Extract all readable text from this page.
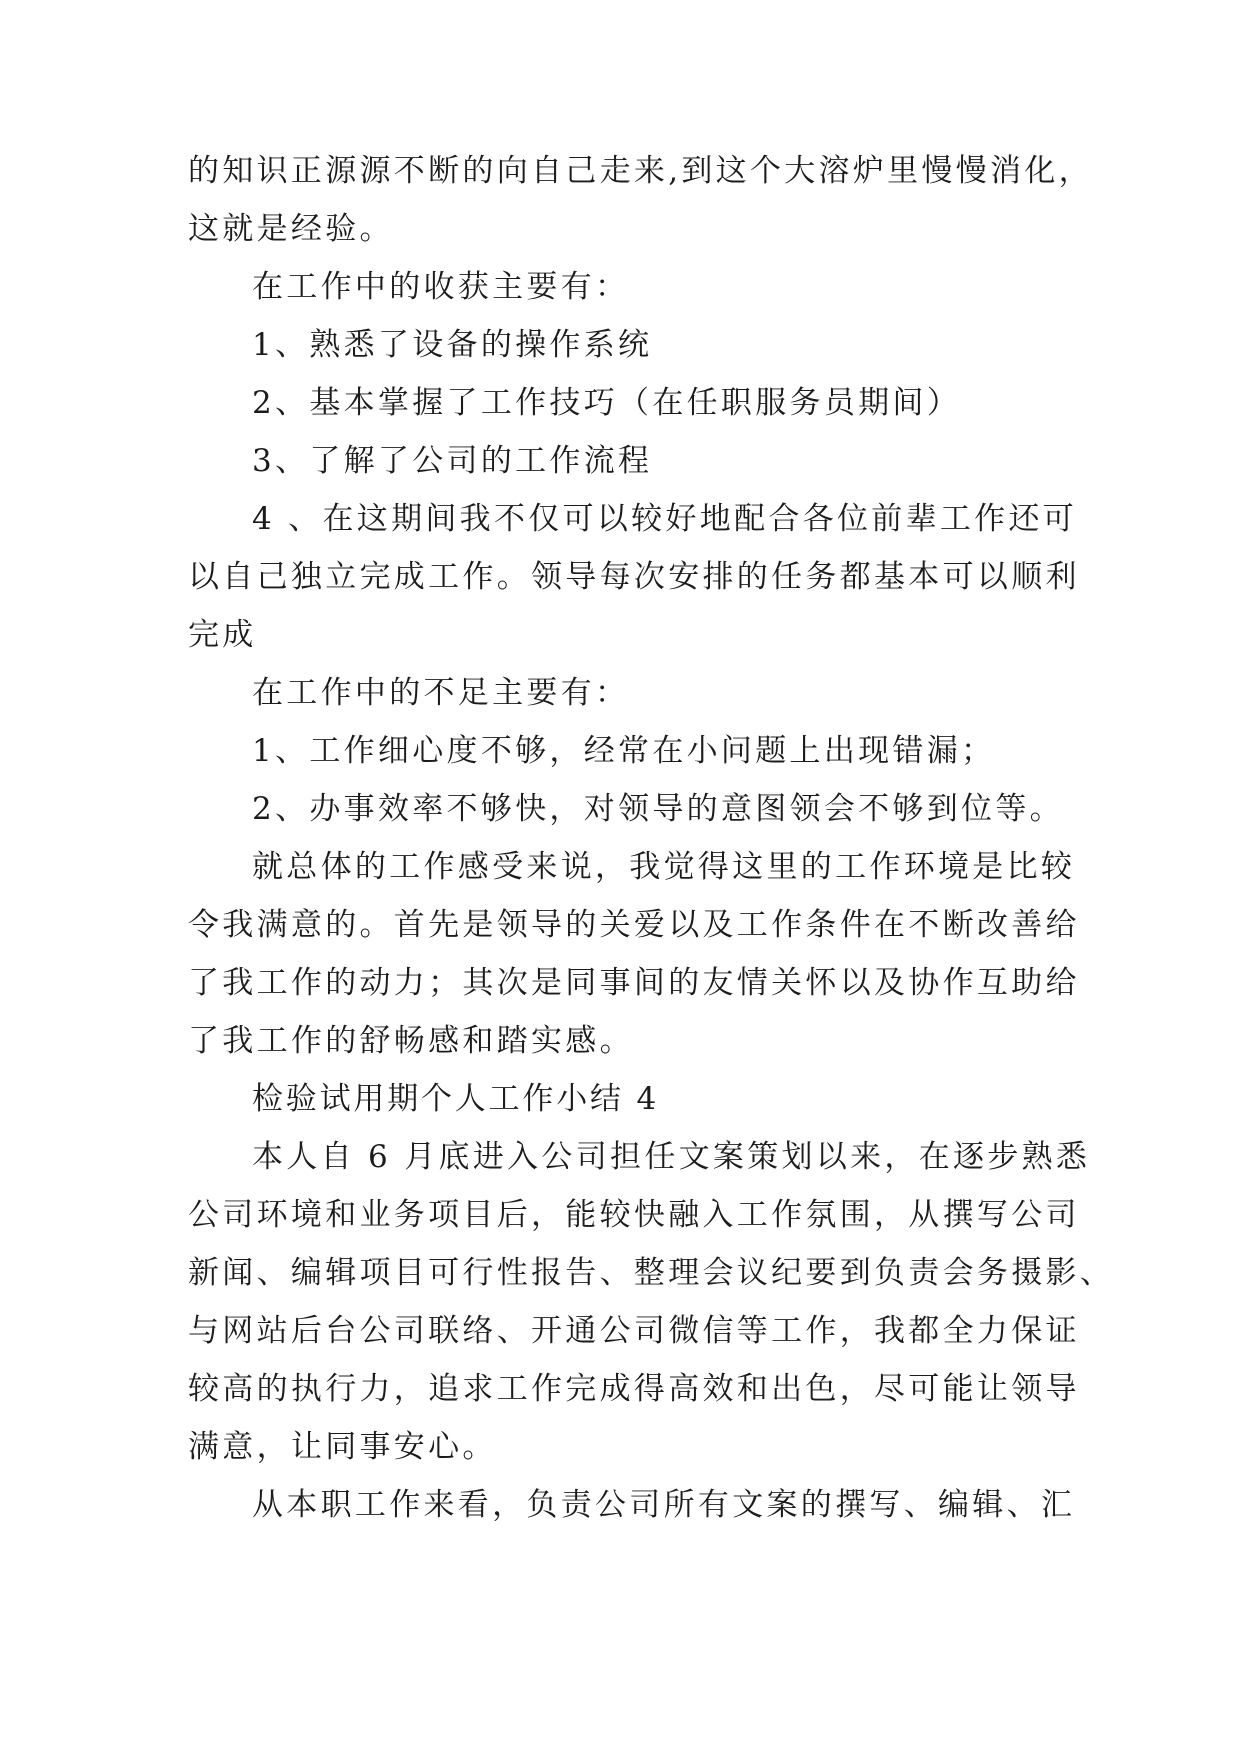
的知识正源源不断的向自己走来,到这个大溶炉里慢慢消化，
这就是经验。
在工作中的收获主要有：
1、熟悉了设备的操作系统
2、基本掌握了工作技巧（在任职服务员期间）
3、了解了公司的工作流程
4 、在这期间我不仅可以较好地配合各位前辈工作还可
以自己独立完成工作。领导每次安排的任务都基本可以顺利
完成
在工作中的不足主要有：
1、工作细心度不够，经常在小问题上出现错漏；
2、办事效率不够快，对领导的意图领会不够到位等。
就总体的工作感受来说，我觉得这里的工作环境是比较
令我满意的。首先是领导的关爱以及工作条件在不断改善给
了我工作的动力；其次是同事间的友情关怀以及协作互助给
了我工作的舒畅感和踏实感。
检验试用期个人工作小结 4
本人自 6 月底进入公司担任文案策划以来，在逐步熟悉
公司环境和业务项目后，能较快融入工作氛围，从撰写公司
新闻、编辑项目可行性报告、整理会议纪要到负责会务摄影、
与网站后台公司联络、开通公司微信等工作，我都全力保证
较高的执行力，追求工作完成得高效和出色，尽可能让领导
满意，让同事安心。
从本职工作来看，负责公司所有文案的撰写、编辑、汇
